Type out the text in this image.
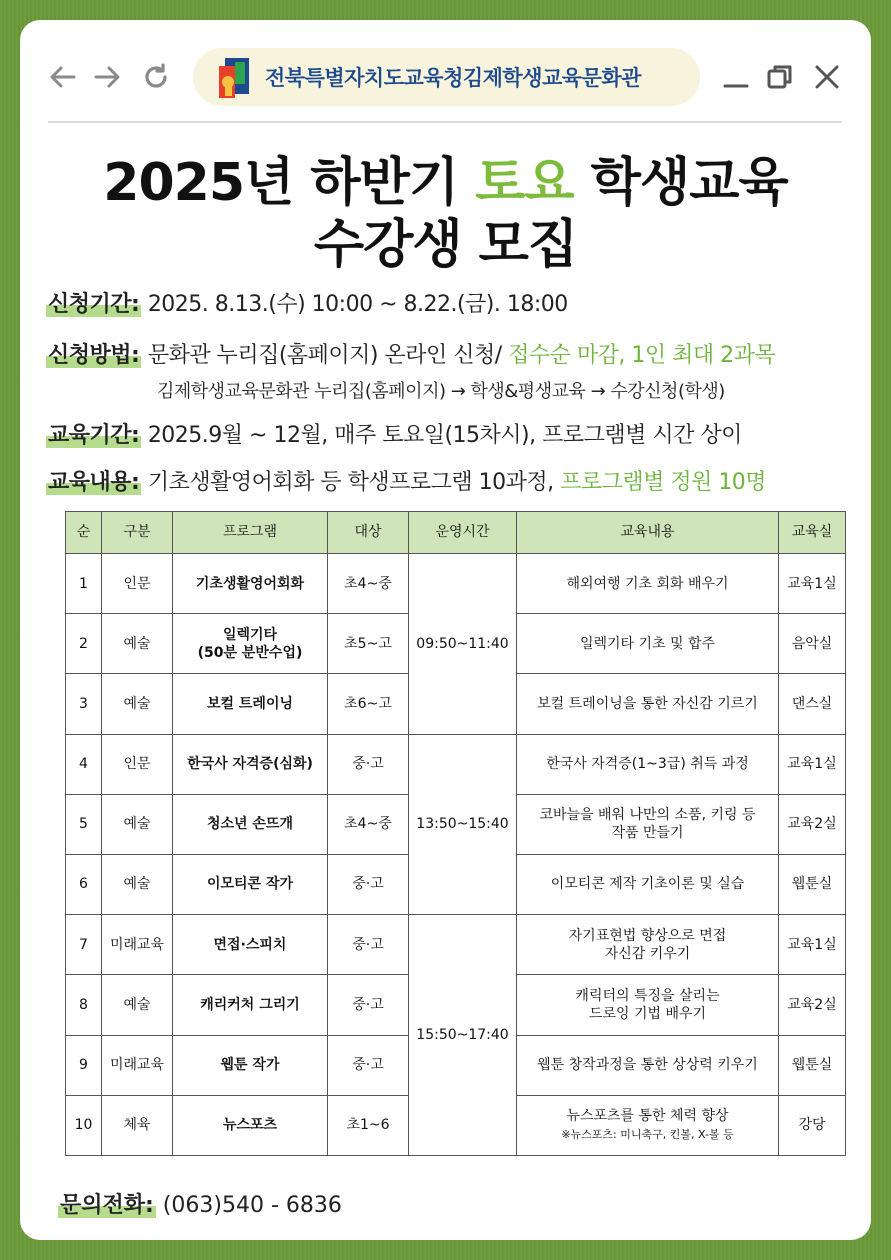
전북특별자치도교육청김제학생교육문화관
2025년 하반기 토요 학생교육
수강생 모집
신청기간: 2025. 8.13.(수) 10:00 ~ 8.22.(금). 18:00
신청방법: 문화관 누리집(홈페이지) 온라인 신청/ 접수순 마감, 1인 최대 2과목
김제학생교육문화관 누리집(홈페이지) → 학생&평생교육 → 수강신청(학생)
교육기간: 2025.9월 ~ 12월, 매주 토요일(15차시), 프로그램별 시간 상이
교육내용: 기초생활영어회화 등 학생프로그램 10과정, 프로그램별 정원 10명
순	구분	프로그램	대상	운영시간	교육내용	교육실
1	인문	기초생활영어회화	초4~중	09:50~11:40	해외여행 기초 회화 배우기	교육1실
2	예술	일렉기타
(50분 분반수업)	초5~고		일렉기타 기초 및 합주	음악실
3	예술	보컬 트레이닝	초6~고		보컬 트레이닝을 통한 자신감 기르기	댄스실
4	인문	한국사 자격증(심화)	중·고	13:50~15:40	한국사 자격증(1~3급) 취득 과정	교육1실
5	예술	청소년 손뜨개	초4~중		코바늘을 배워 나만의 소품, 키링 등
작품 만들기	교육2실
6	예술	이모티콘 작가	중·고		이모티콘 제작 기초이론 및 실습	웹툰실
7	미래교육	면접·스피치	중·고	15:50~17:40	자기표현법 향상으로 면접
자신감 키우기	교육1실
8	예술	캐리커처 그리기	중·고		캐릭터의 특징을 살리는
드로잉 기법 배우기	교육2실
9	미래교육	웹툰 작가	중·고		웹툰 창작과정을 통한 상상력 키우기	웹툰실
10	체육	뉴스포츠	초1~6		뉴스포츠를 통한 체력 향상
※뉴스포츠: 미니축구, 킨볼, X-볼 등	강당
문의전화: (063)540 - 6836
